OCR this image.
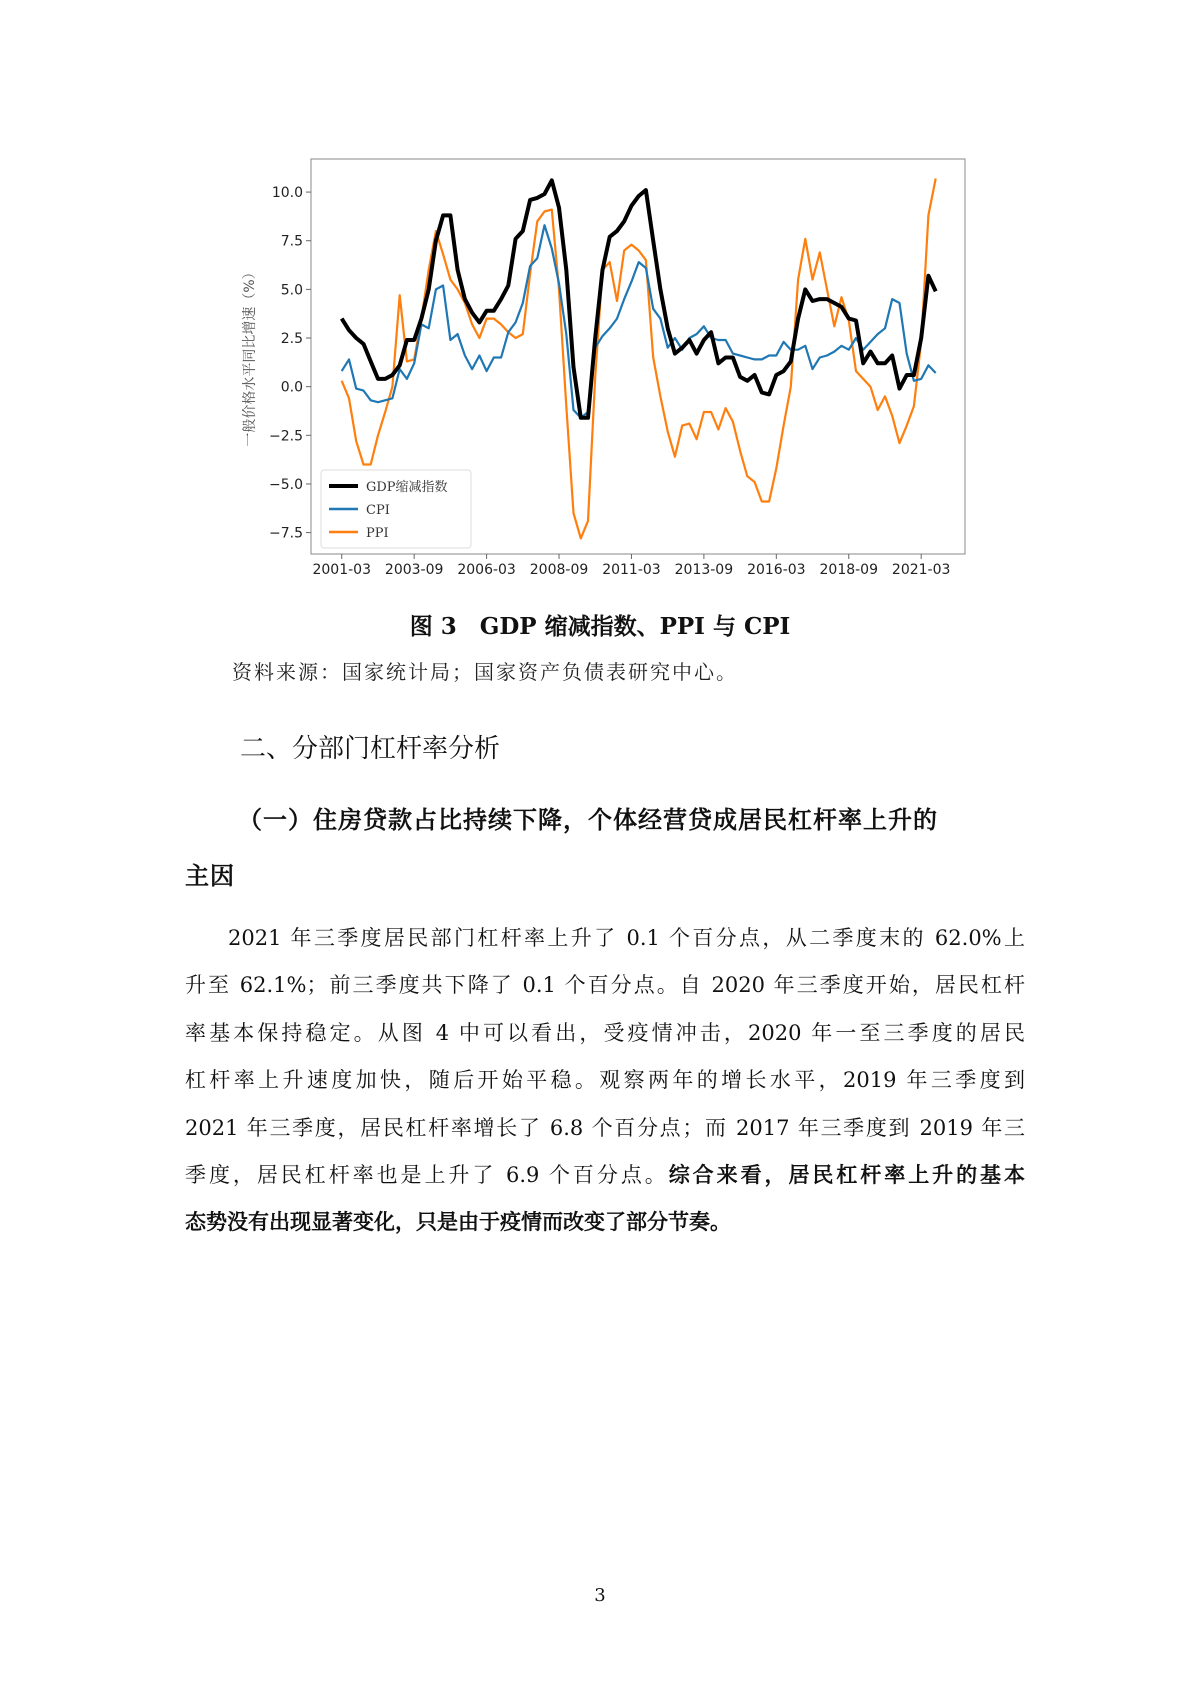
10.0
7.5
5.0
2.5
0.0
−2.5
−5.0
−7.5
2001-03 2003-09 2006-03 2008-09 2011-03 2013-09 2016-03 2018-09 2021-03
一般价格水平同比增速（%）
GDP缩减指数
CPI
PPI
图 3　GDP 缩减指数、PPI 与 CPI
资料来源：国家统计局；国家资产负债表研究中心。
二、分部门杠杆率分析
（一）住房贷款占比持续下降，个体经营贷成居民杠杆率上升的
主因
2021 年三季度居民部门杠杆率上升了 0.1 个百分点，从二季度末的 62.0%上
升至 62.1%；前三季度共下降了 0.1 个百分点。自 2020 年三季度开始，居民杠杆
率基本保持稳定。从图 4 中可以看出，受疫情冲击，2020 年一至三季度的居民
杠杆率上升速度加快，随后开始平稳。观察两年的增长水平，2019 年三季度到
2021 年三季度，居民杠杆率增长了 6.8 个百分点；而 2017 年三季度到 2019 年三
季度，居民杠杆率也是上升了 6.9 个百分点。综合来看，居民杠杆率上升的基本
态势没有出现显著变化，只是由于疫情而改变了部分节奏。
3
